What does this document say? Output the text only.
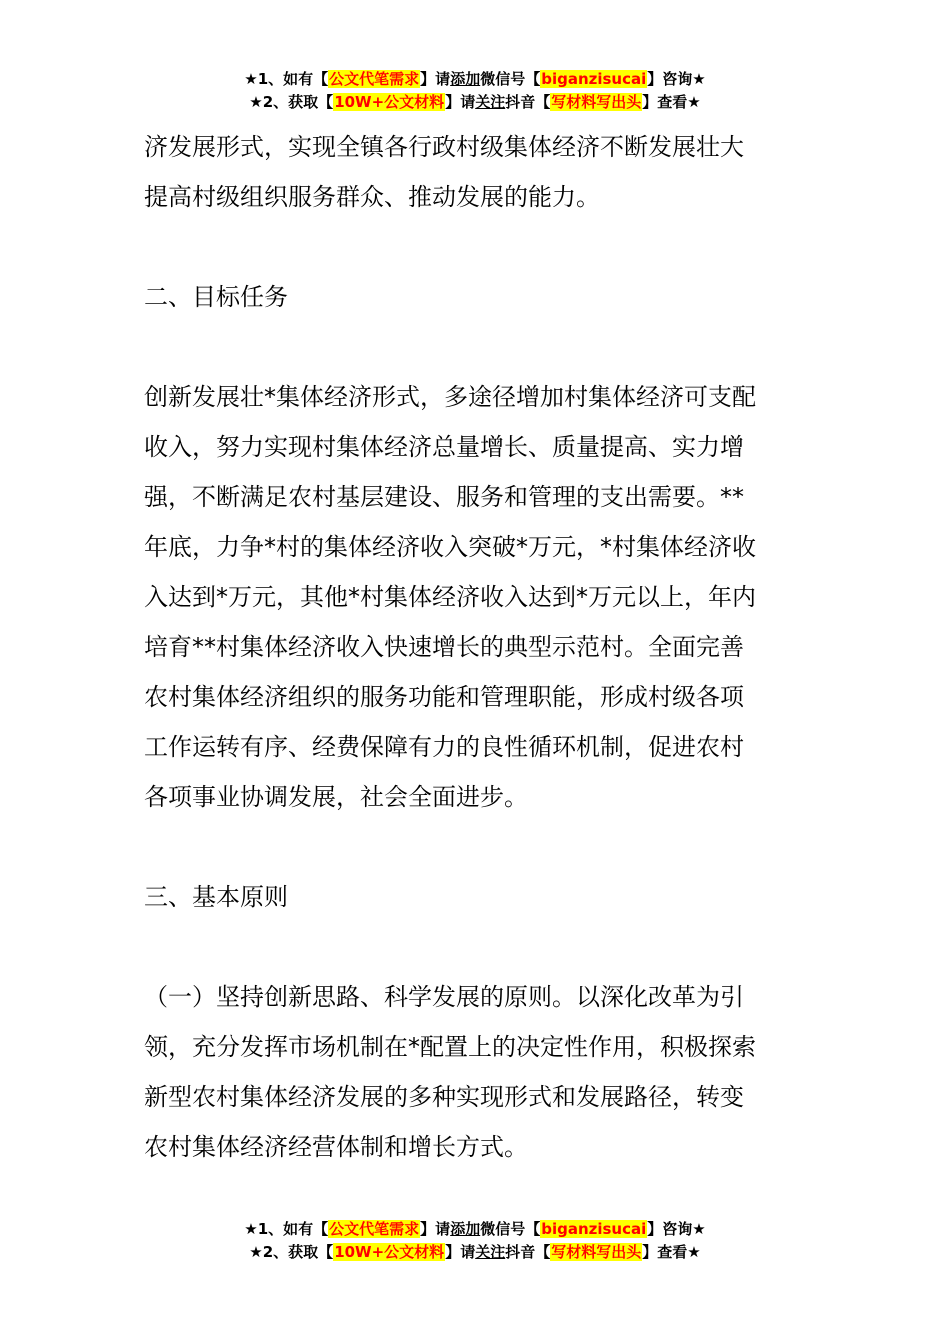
★1、如有【公文代笔需求】请添加微信号【biganzisucai】咨询★
★2、获取【10W+公文材料】请关注抖音【写材料写出头】查看★

济发展形式，实现全镇各行政村级集体经济不断发展壮大

提高村级组织服务群众、推动发展的能力。

二、目标任务

创新发展壮*集体经济形式，多途径增加村集体经济可支配

收入，努力实现村集体经济总量增长、质量提高、实力增

强，不断满足农村基层建设、服务和管理的支出需要。**

年底，力争*村的集体经济收入突破*万元，*村集体经济收

入达到*万元，其他*村集体经济收入达到*万元以上，年内

培育**村集体经济收入快速增长的典型示范村。全面完善

农村集体经济组织的服务功能和管理职能，形成村级各项

工作运转有序、经费保障有力的良性循环机制，促进农村

各项事业协调发展，社会全面进步。

三、基本原则

（一）坚持创新思路、科学发展的原则。以深化改革为引

领，充分发挥市场机制在*配置上的决定性作用，积极探索

新型农村集体经济发展的多种实现形式和发展路径，转变

农村集体经济经营体制和增长方式。

★1、如有【公文代笔需求】请添加微信号【biganzisucai】咨询★
★2、获取【10W+公文材料】请关注抖音【写材料写出头】查看★
